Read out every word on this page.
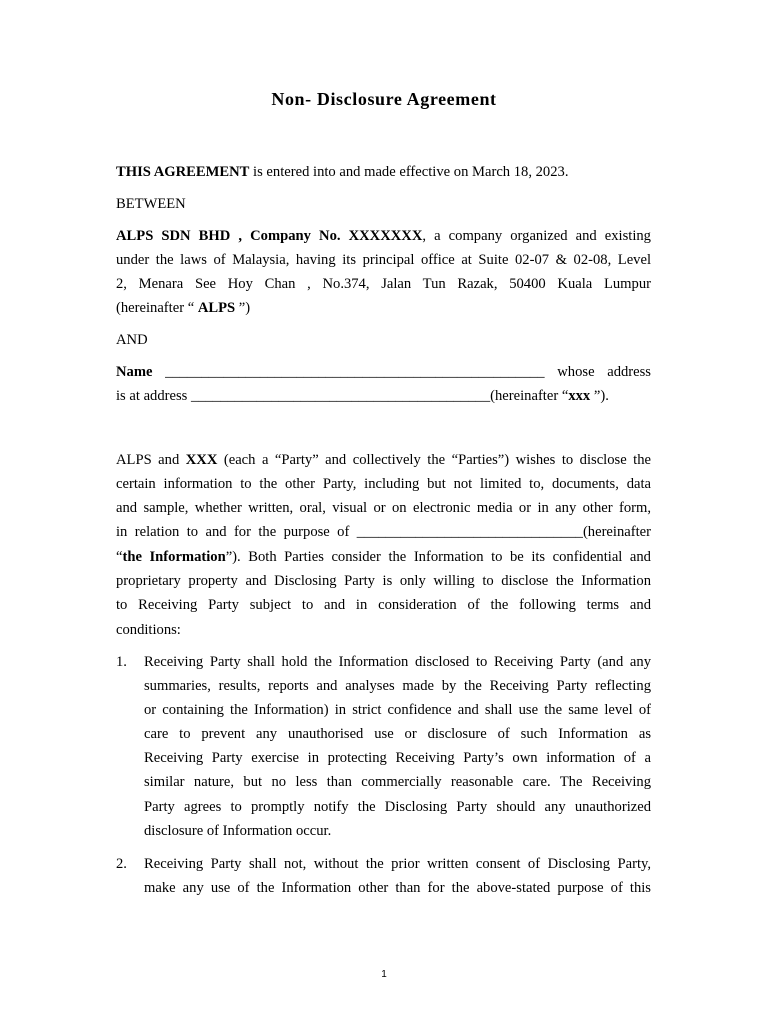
Non- Disclosure Agreement
THIS AGREEMENT is entered into and made effective on March 18, 2023.
BETWEEN
ALPS SDN BHD , Company No. XXXXXXX, a company organized and existing
under the laws of Malaysia, having its principal office at Suite 02-07 & 02-08, Level
2, Menara See Hoy Chan , No.374, Jalan Tun Razak, 50400 Kuala Lumpur
(hereinafter “ ALPS ”)
AND
Name ____________________________________________________ whose address
is at address _________________________________________(hereinafter “xxx ”).
ALPS and XXX (each a “Party” and collectively the “Parties”) wishes to disclose the
certain information to the other Party, including but not limited to, documents, data
and sample, whether written, oral, visual or on electronic media or in any other form,
in relation to and for the purpose of _______________________________(hereinafter
“the Information”). Both Parties consider the Information to be its confidential and
proprietary property and Disclosing Party is only willing to disclose the Information
to Receiving Party subject to and in consideration of the following terms and
conditions:
1. Receiving Party shall hold the Information disclosed to Receiving Party (and any
summaries, results, reports and analyses made by the Receiving Party reflecting
or containing the Information) in strict confidence and shall use the same level of
care to prevent any unauthorised use or disclosure of such Information as
Receiving Party exercise in protecting Receiving Party’s own information of a
similar nature, but no less than commercially reasonable care. The Receiving
Party agrees to promptly notify the Disclosing Party should any unauthorized
disclosure of Information occur.
2. Receiving Party shall not, without the prior written consent of Disclosing Party,
make any use of the Information other than for the above-stated purpose of this
1
